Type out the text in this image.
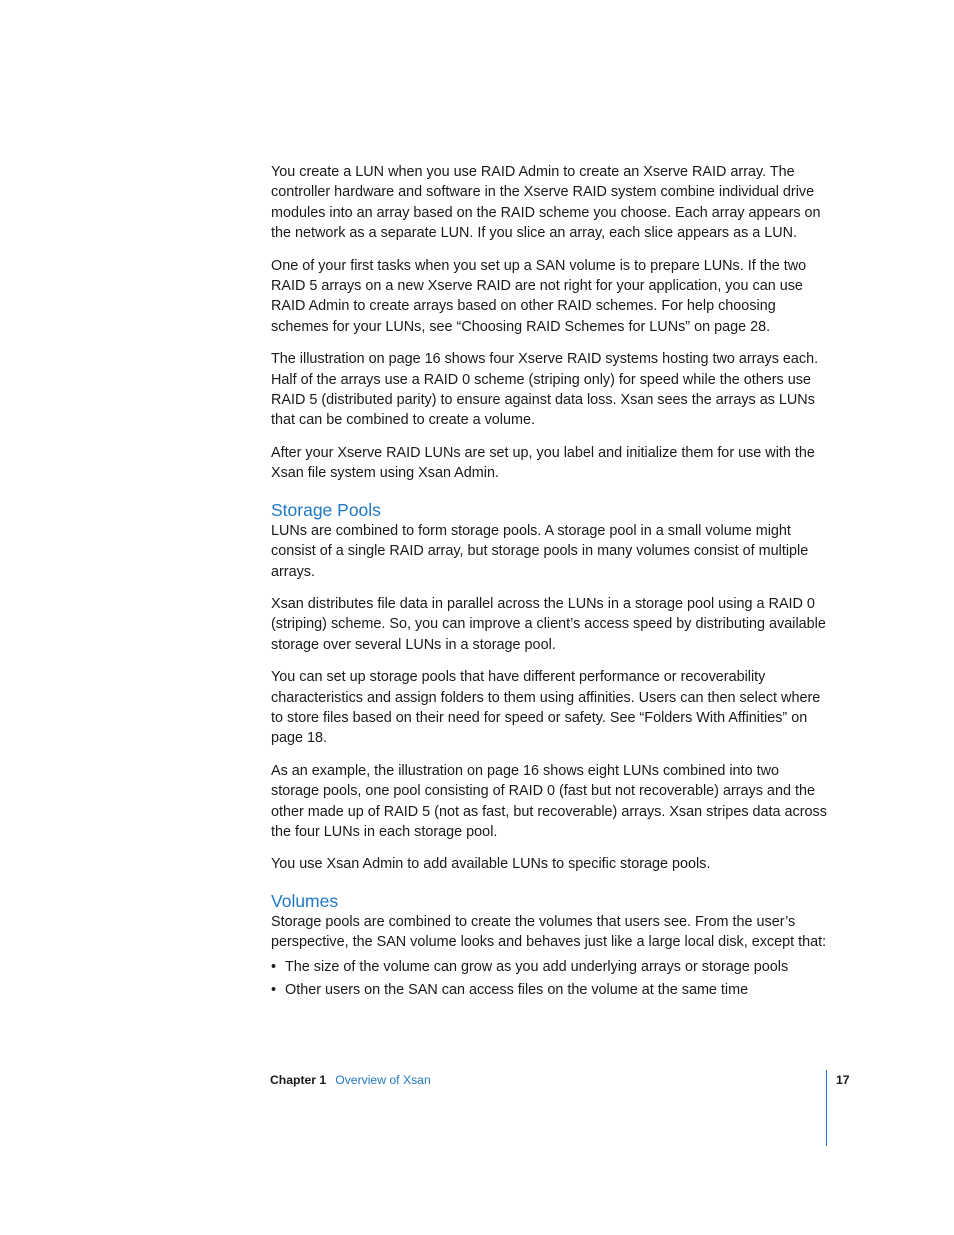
You create a LUN when you use RAID Admin to create an Xserve RAID array. The controller hardware and software in the Xserve RAID system combine individual drive modules into an array based on the RAID scheme you choose. Each array appears on the network as a separate LUN. If you slice an array, each slice appears as a LUN.

One of your first tasks when you set up a SAN volume is to prepare LUNs. If the two RAID 5 arrays on a new Xserve RAID are not right for your application, you can use RAID Admin to create arrays based on other RAID schemes. For help choosing schemes for your LUNs, see “Choosing RAID Schemes for LUNs” on page 28.

The illustration on page 16 shows four Xserve RAID systems hosting two arrays each. Half of the arrays use a RAID 0 scheme (striping only) for speed while the others use RAID 5 (distributed parity) to ensure against data loss. Xsan sees the arrays as LUNs that can be combined to create a volume.

After your Xserve RAID LUNs are set up, you label and initialize them for use with the Xsan file system using Xsan Admin.

Storage Pools

LUNs are combined to form storage pools. A storage pool in a small volume might consist of a single RAID array, but storage pools in many volumes consist of multiple arrays.

Xsan distributes file data in parallel across the LUNs in a storage pool using a RAID 0 (striping) scheme. So, you can improve a client’s access speed by distributing available storage over several LUNs in a storage pool.

You can set up storage pools that have different performance or recoverability characteristics and assign folders to them using affinities. Users can then select where to store files based on their need for speed or safety. See “Folders With Affinities” on page 18.

As an example, the illustration on page 16 shows eight LUNs combined into two storage pools, one pool consisting of RAID 0 (fast but not recoverable) arrays and the other made up of RAID 5 (not as fast, but recoverable) arrays. Xsan stripes data across the four LUNs in each storage pool.

You use Xsan Admin to add available LUNs to specific storage pools.

Volumes

Storage pools are combined to create the volumes that users see. From the user’s perspective, the SAN volume looks and behaves just like a large local disk, except that:

• The size of the volume can grow as you add underlying arrays or storage pools
• Other users on the SAN can access files on the volume at the same time
Chapter 1 Overview of Xsan	17
